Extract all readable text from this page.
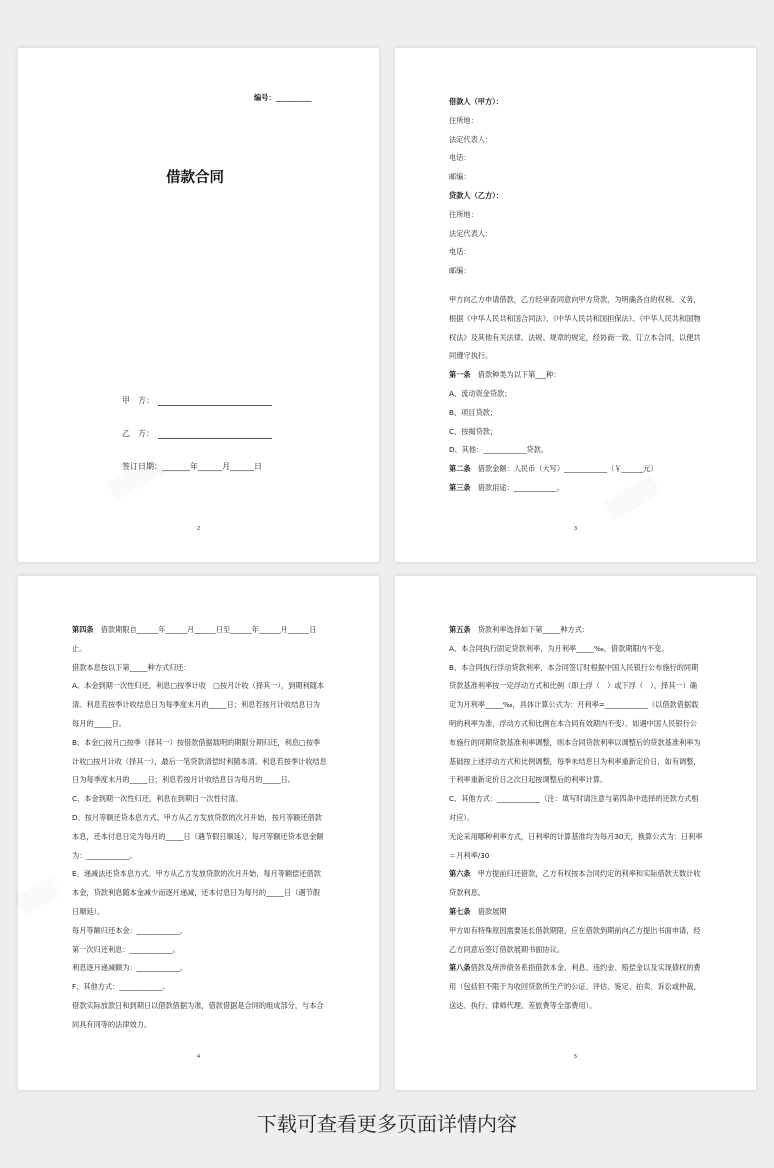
编号：__________
借款合同
甲　方：
乙　方：
签订日期：_______年______月______日
2

借款人（甲方）：

住所地：

法定代表人：

电话：

邮编：

贷款人（乙方）：

住所地：

法定代表人：

电话：

邮编：

甲方向乙方申请借款，乙方经审查同意向甲方贷款，为明确各自的权利、义务，根据《中华人民共和国合同法》、《中华人民共和国担保法》、《中华人民共和国物权法》及其他有关法律、法规、规章的规定，经协商一致，订立本合同，以便共同遵守执行。

第一条　借款种类为以下第___种：

A、流动资金贷款；

B、项目贷款；

C、按揭贷款；

D、其他：____________贷款。

第二条　借款金额：人民币（大写）____________（￥______元）

第三条　借款用途：____________。

3

第四条　借款期限自______年______月______日至______年______月______日止。

借款本息按以下第_____种方式归还：

A、本金到期一次性归还，利息□按季计收　□按月计收（择其一），到期利随本清。利息若按季计收结息日为每季度末月的_____日；利息若按月计收结息日为每月的_____日。

B、本金□按月□按季（择其一）按借款借据载明的期限分期归还，利息□按季计收□按月计收（择其一），最后一笔贷款清偿时利随本清。利息若按季计收结息日为每季度末月的_____日；利息若按月计收结息日为每月的_____日。

C、本金到期一次性归还，利息在到期日一次性付清。

D、按月等额还贷本息方式。甲方从乙方发放贷款的次月开始，按月等额还借款本息，还本付息日定为每月的_____日（遇节假日顺延），每月等额还贷本息金额为：____________。

E、递减法还贷本息方式。甲方从乙方发放贷款的次月开始，每月等额偿还借款本金，贷款利息随本金减少而逐月递减，还本付息日为每月的_____日（遇节假日顺延）。

每月等额归还本金：____________。

第一次归还利息：____________。

利息逐月递减额为：____________。

F、其他方式：____________。

借款实际放款日和到期日以借款借据为准，借款借据是合同的组成部分，与本合同具有同等的法律效力。

4

第五条　贷款利率选择如下第_____种方式：

A、本合同执行固定贷款利率，为月利率_____‰，借款期限内不变。

B、本合同执行浮动贷款利率，本合同签订时根据中国人民银行公布施行的同期贷款基准利率按一定浮动方式和比例（即上浮（　）或下浮（　），择其一）确定为月利率_____‰，具体计算公式为：月利率=____________（以借款借据载明的利率为准，浮动方式和比例在本合同有效期内不变）。如遇中国人民银行公布施行的同期贷款基准利率调整，则本合同贷款利率以调整后的贷款基准利率为基础按上述浮动方式和比例调整，每季末结息日为利率重新定价日，如有调整，于利率重新定价日之次日起按调整后的利率计算。

C、其他方式：____________（注：填写时请注意与第四条中选择的还款方式相对应）。

无论采用哪种利率方式，日利率的计算基准均为每月30天，换算公式为：日利率＝月利率/30

第六条　甲方提前归还借款，乙方有权按本合同约定的利率和实际借款天数计收贷款利息。

第七条　借款展期

甲方如有特殊原因需要延长借款期限，应在借款到期前向乙方提出书面申请，经乙方同意后签订借款展期书面协议。

第八条借款及所涉债务系指借款本金、利息、违约金、赔偿金以及实现债权的费用（包括但不限于为收回贷款所生产的公证、评估、鉴定、拍卖、诉讼或仲裁、送达、执行、律师代理、差旅费等全部费用）。

5
下载可查看更多页面详情内容
